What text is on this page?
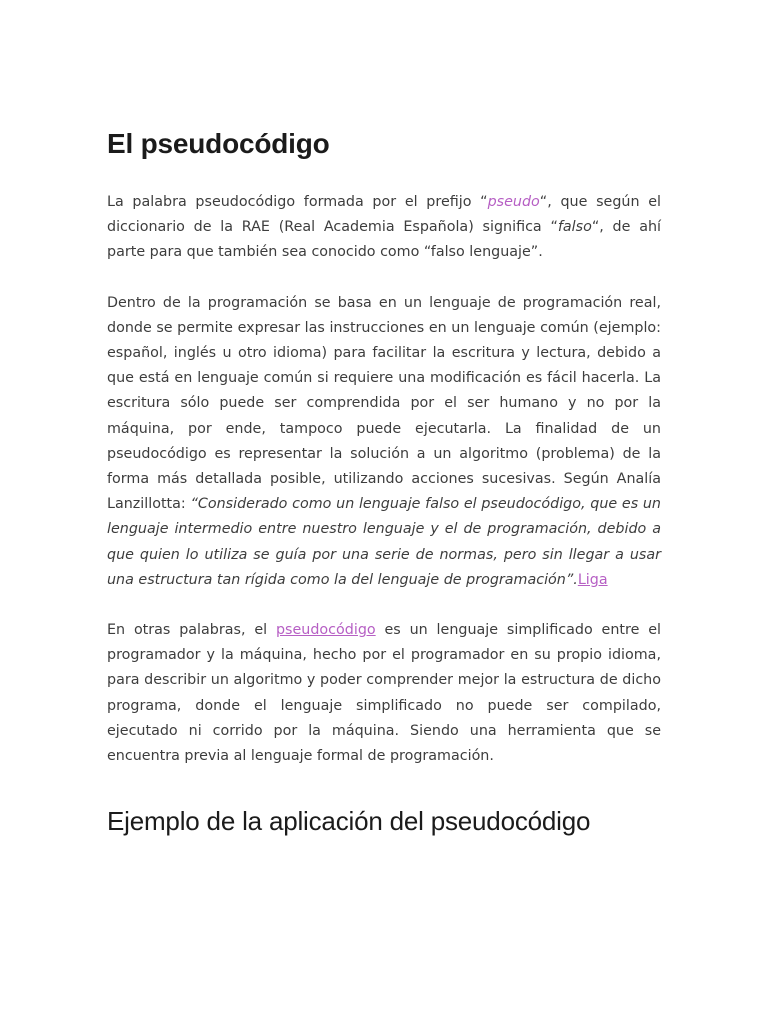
El pseudocódigo

La palabra pseudocódigo formada por el prefijo “pseudo“, que según el diccionario de la RAE (Real Academia Española) significa “falso“, de ahí parte para que también sea conocido como “falso lenguaje”.

Dentro de la programación se basa en un lenguaje de programación real, donde se permite expresar las instrucciones en un lenguaje común (ejemplo: español, inglés u otro idioma) para facilitar la escritura y lectura, debido a que está en lenguaje común si requiere una modificación es fácil hacerla. La escritura sólo puede ser comprendida por el ser humano y no por la máquina, por ende, tampoco puede ejecutarla. La finalidad de un pseudocódigo es representar la solución a un algoritmo (problema) de la forma más detallada posible, utilizando acciones sucesivas. Según Analía Lanzillotta: “Considerado como un lenguaje falso el pseudocódigo, que es un lenguaje intermedio entre nuestro lenguaje y el de programación, debido a que quien lo utiliza se guía por una serie de normas, pero sin llegar a usar una estructura tan rígida como la del lenguaje de programación”.Liga

En otras palabras, el pseudocódigo es un lenguaje simplificado entre el programador y la máquina, hecho por el programador en su propio idioma, para describir un algoritmo y poder comprender mejor la estructura de dicho programa, donde el lenguaje simplificado no puede ser compilado, ejecutado ni corrido por la máquina. Siendo una herramienta que se encuentra previa al lenguaje formal de programación.

Ejemplo de la aplicación del pseudocódigo
